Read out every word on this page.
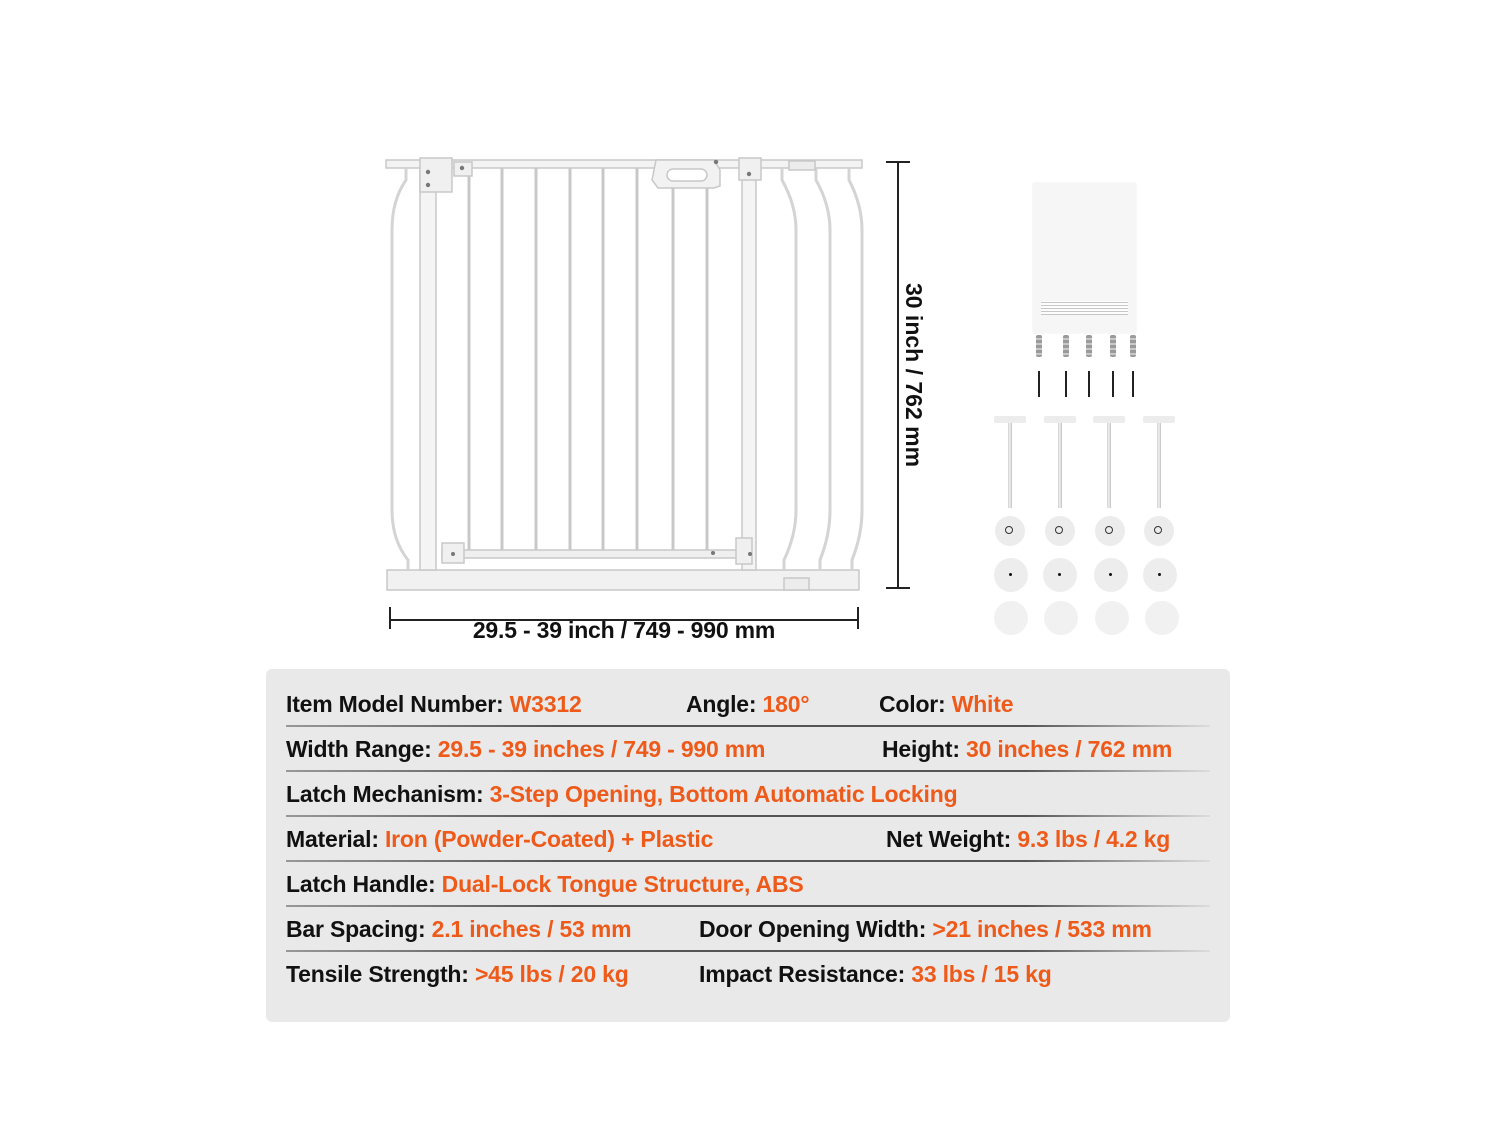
29.5 - 39 inch / 749 - 990 mm
30 inch / 762 mm
Item Model Number: W3312	Angle: 180°	Color: White
Width Range: 29.5 - 39 inches / 749 - 990 mm	Height: 30 inches / 762 mm
Latch Mechanism: 3-Step Opening, Bottom Automatic Locking
Material: Iron (Powder-Coated) + Plastic	Net Weight: 9.3 lbs / 4.2 kg
Latch Handle: Dual-Lock Tongue Structure, ABS
Bar Spacing: 2.1 inches / 53 mm	Door Opening Width: >21 inches / 533 mm
Tensile Strength: >45 lbs / 20 kg	Impact Resistance: 33 lbs / 15 kg
